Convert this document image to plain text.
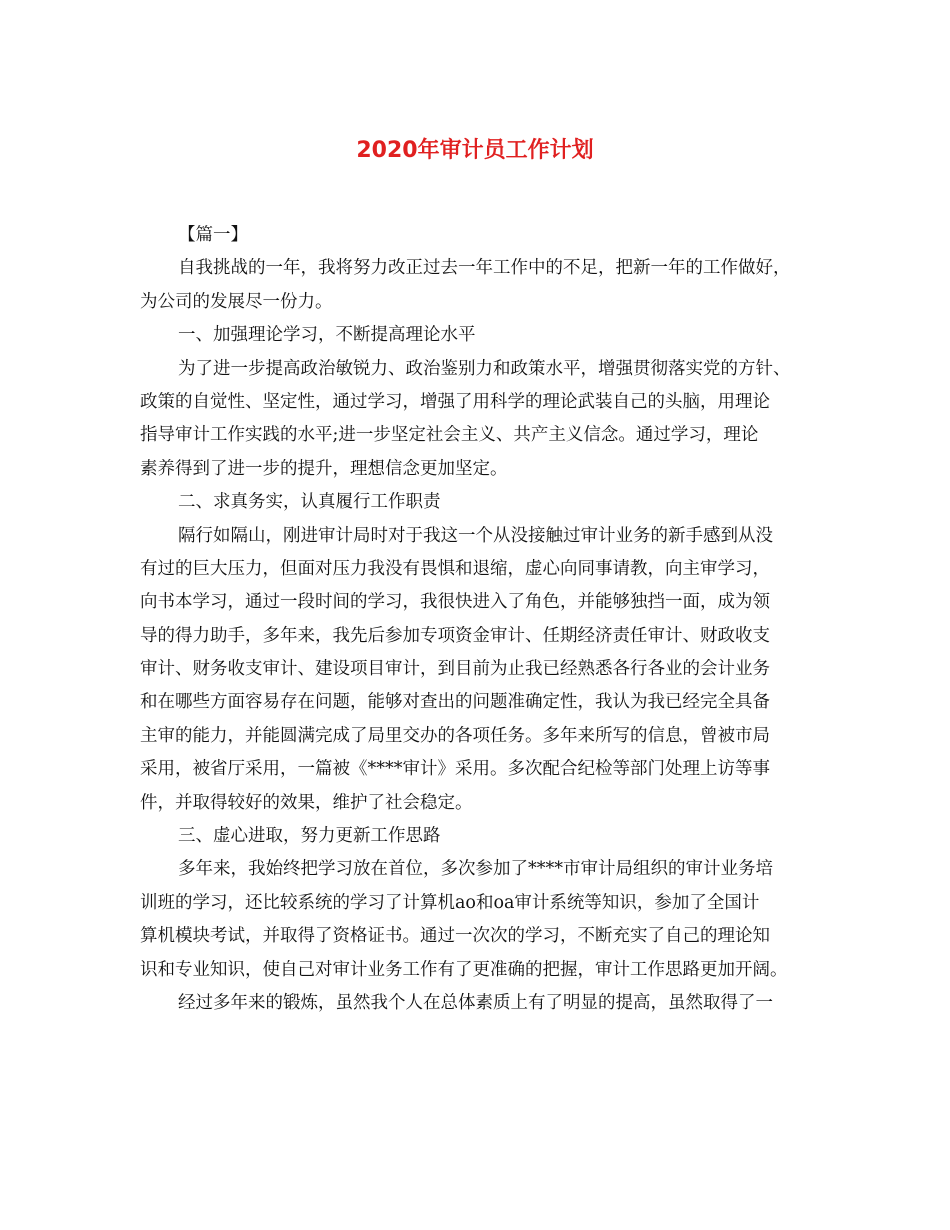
2020年审计员工作计划
【篇一】
自我挑战的一年，我将努力改正过去一年工作中的不足，把新一年的工作做好，
为公司的发展尽一份力。
一、加强理论学习，不断提高理论水平
为了进一步提高政治敏锐力、政治鉴别力和政策水平，增强贯彻落实党的方针、
政策的自觉性、坚定性，通过学习，增强了用科学的理论武装自己的头脑，用理论
指导审计工作实践的水平;进一步坚定社会主义、共产主义信念。通过学习，理论
素养得到了进一步的提升，理想信念更加坚定。
二、求真务实，认真履行工作职责
隔行如隔山，刚进审计局时对于我这一个从没接触过审计业务的新手感到从没
有过的巨大压力，但面对压力我没有畏惧和退缩，虚心向同事请教，向主审学习，
向书本学习，通过一段时间的学习，我很快进入了角色，并能够独挡一面，成为领
导的得力助手，多年来，我先后参加专项资金审计、任期经济责任审计、财政收支
审计、财务收支审计、建设项目审计，到目前为止我已经熟悉各行各业的会计业务
和在哪些方面容易存在问题，能够对查出的问题准确定性，我认为我已经完全具备
主审的能力，并能圆满完成了局里交办的各项任务。多年来所写的信息，曾被市局
采用，被省厅采用，一篇被《****审计》采用。多次配合纪检等部门处理上访等事
件，并取得较好的效果，维护了社会稳定。
三、虚心进取，努力更新工作思路
多年来，我始终把学习放在首位，多次参加了****市审计局组织的审计业务培
训班的学习，还比较系统的学习了计算机ao和oa审计系统等知识，参加了全国计
算机模块考试，并取得了资格证书。通过一次次的学习，不断充实了自己的理论知
识和专业知识，使自己对审计业务工作有了更准确的把握，审计工作思路更加开阔。
经过多年来的锻炼，虽然我个人在总体素质上有了明显的提高，虽然取得了一
